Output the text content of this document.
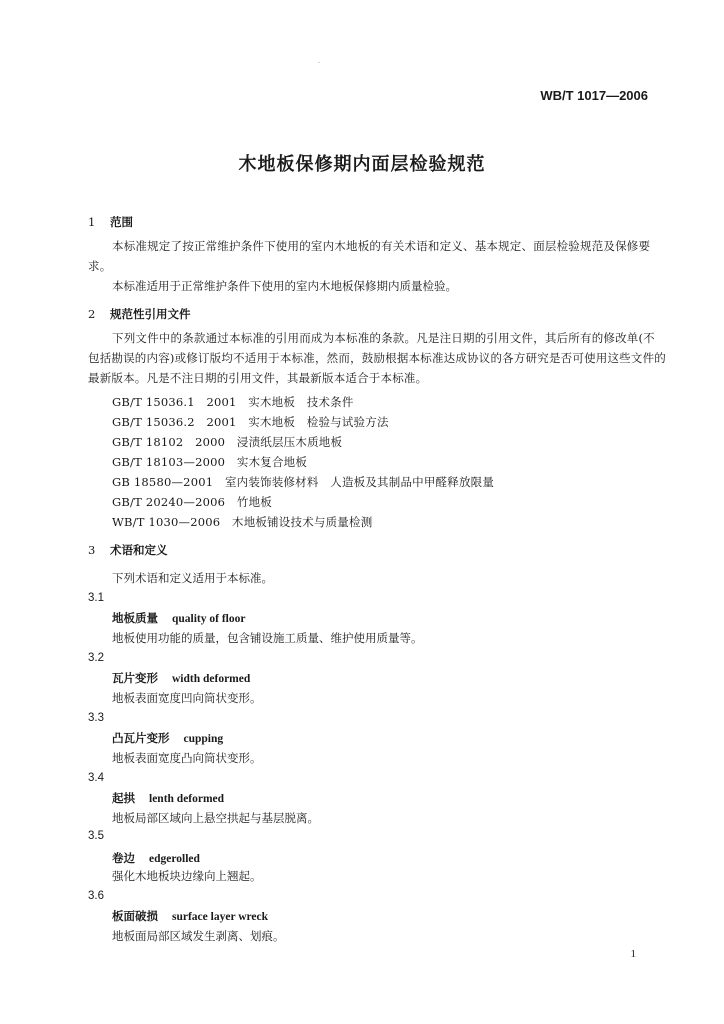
·
WB/T 1017—2006
木地板保修期内面层检验规范
1 范围
本标准规定了按正常维护条件下使用的室内木地板的有关术语和定义、基本规定、面层检验规范及保修要求。
本标准适用于正常维护条件下使用的室内木地板保修期内质量检验。
2 规范性引用文件
下列文件中的条款通过本标准的引用而成为本标准的条款。凡是注日期的引用文件，其后所有的修改单(不包括勘误的内容)或修订版均不适用于本标准，然而，鼓励根据本标准达成协议的各方研究是否可使用这些文件的最新版本。凡是不注日期的引用文件，其最新版本适合于本标准。
GB/T 15036.1　2001　实木地板　技术条件
GB/T 15036.2　2001　实木地板　检验与试验方法
GB/T 18102　2000　浸渍纸层压木质地板
GB/T 18103—2000　实木复合地板
GB 18580—2001　室内装饰装修材料　人造板及其制品中甲醛释放限量
GB/T 20240—2006　竹地板
WB/T 1030—2006　木地板铺设技术与质量检测
3 术语和定义
下列术语和定义适用于本标准。
3.1
地板质量 quality of floor
地板使用功能的质量，包含铺设施工质量、维护使用质量等。
3.2
瓦片变形 width deformed
地板表面宽度凹向筒状变形。
3.3
凸瓦片变形 cupping
地板表面宽度凸向筒状变形。
3.4
起拱 lenth deformed
地板局部区域向上悬空拱起与基层脱离。
3.5
卷边 edgerolled
强化木地板块边缘向上翘起。
3.6
板面破损 surface layer wreck
地板面局部区域发生剥离、划痕。
1
